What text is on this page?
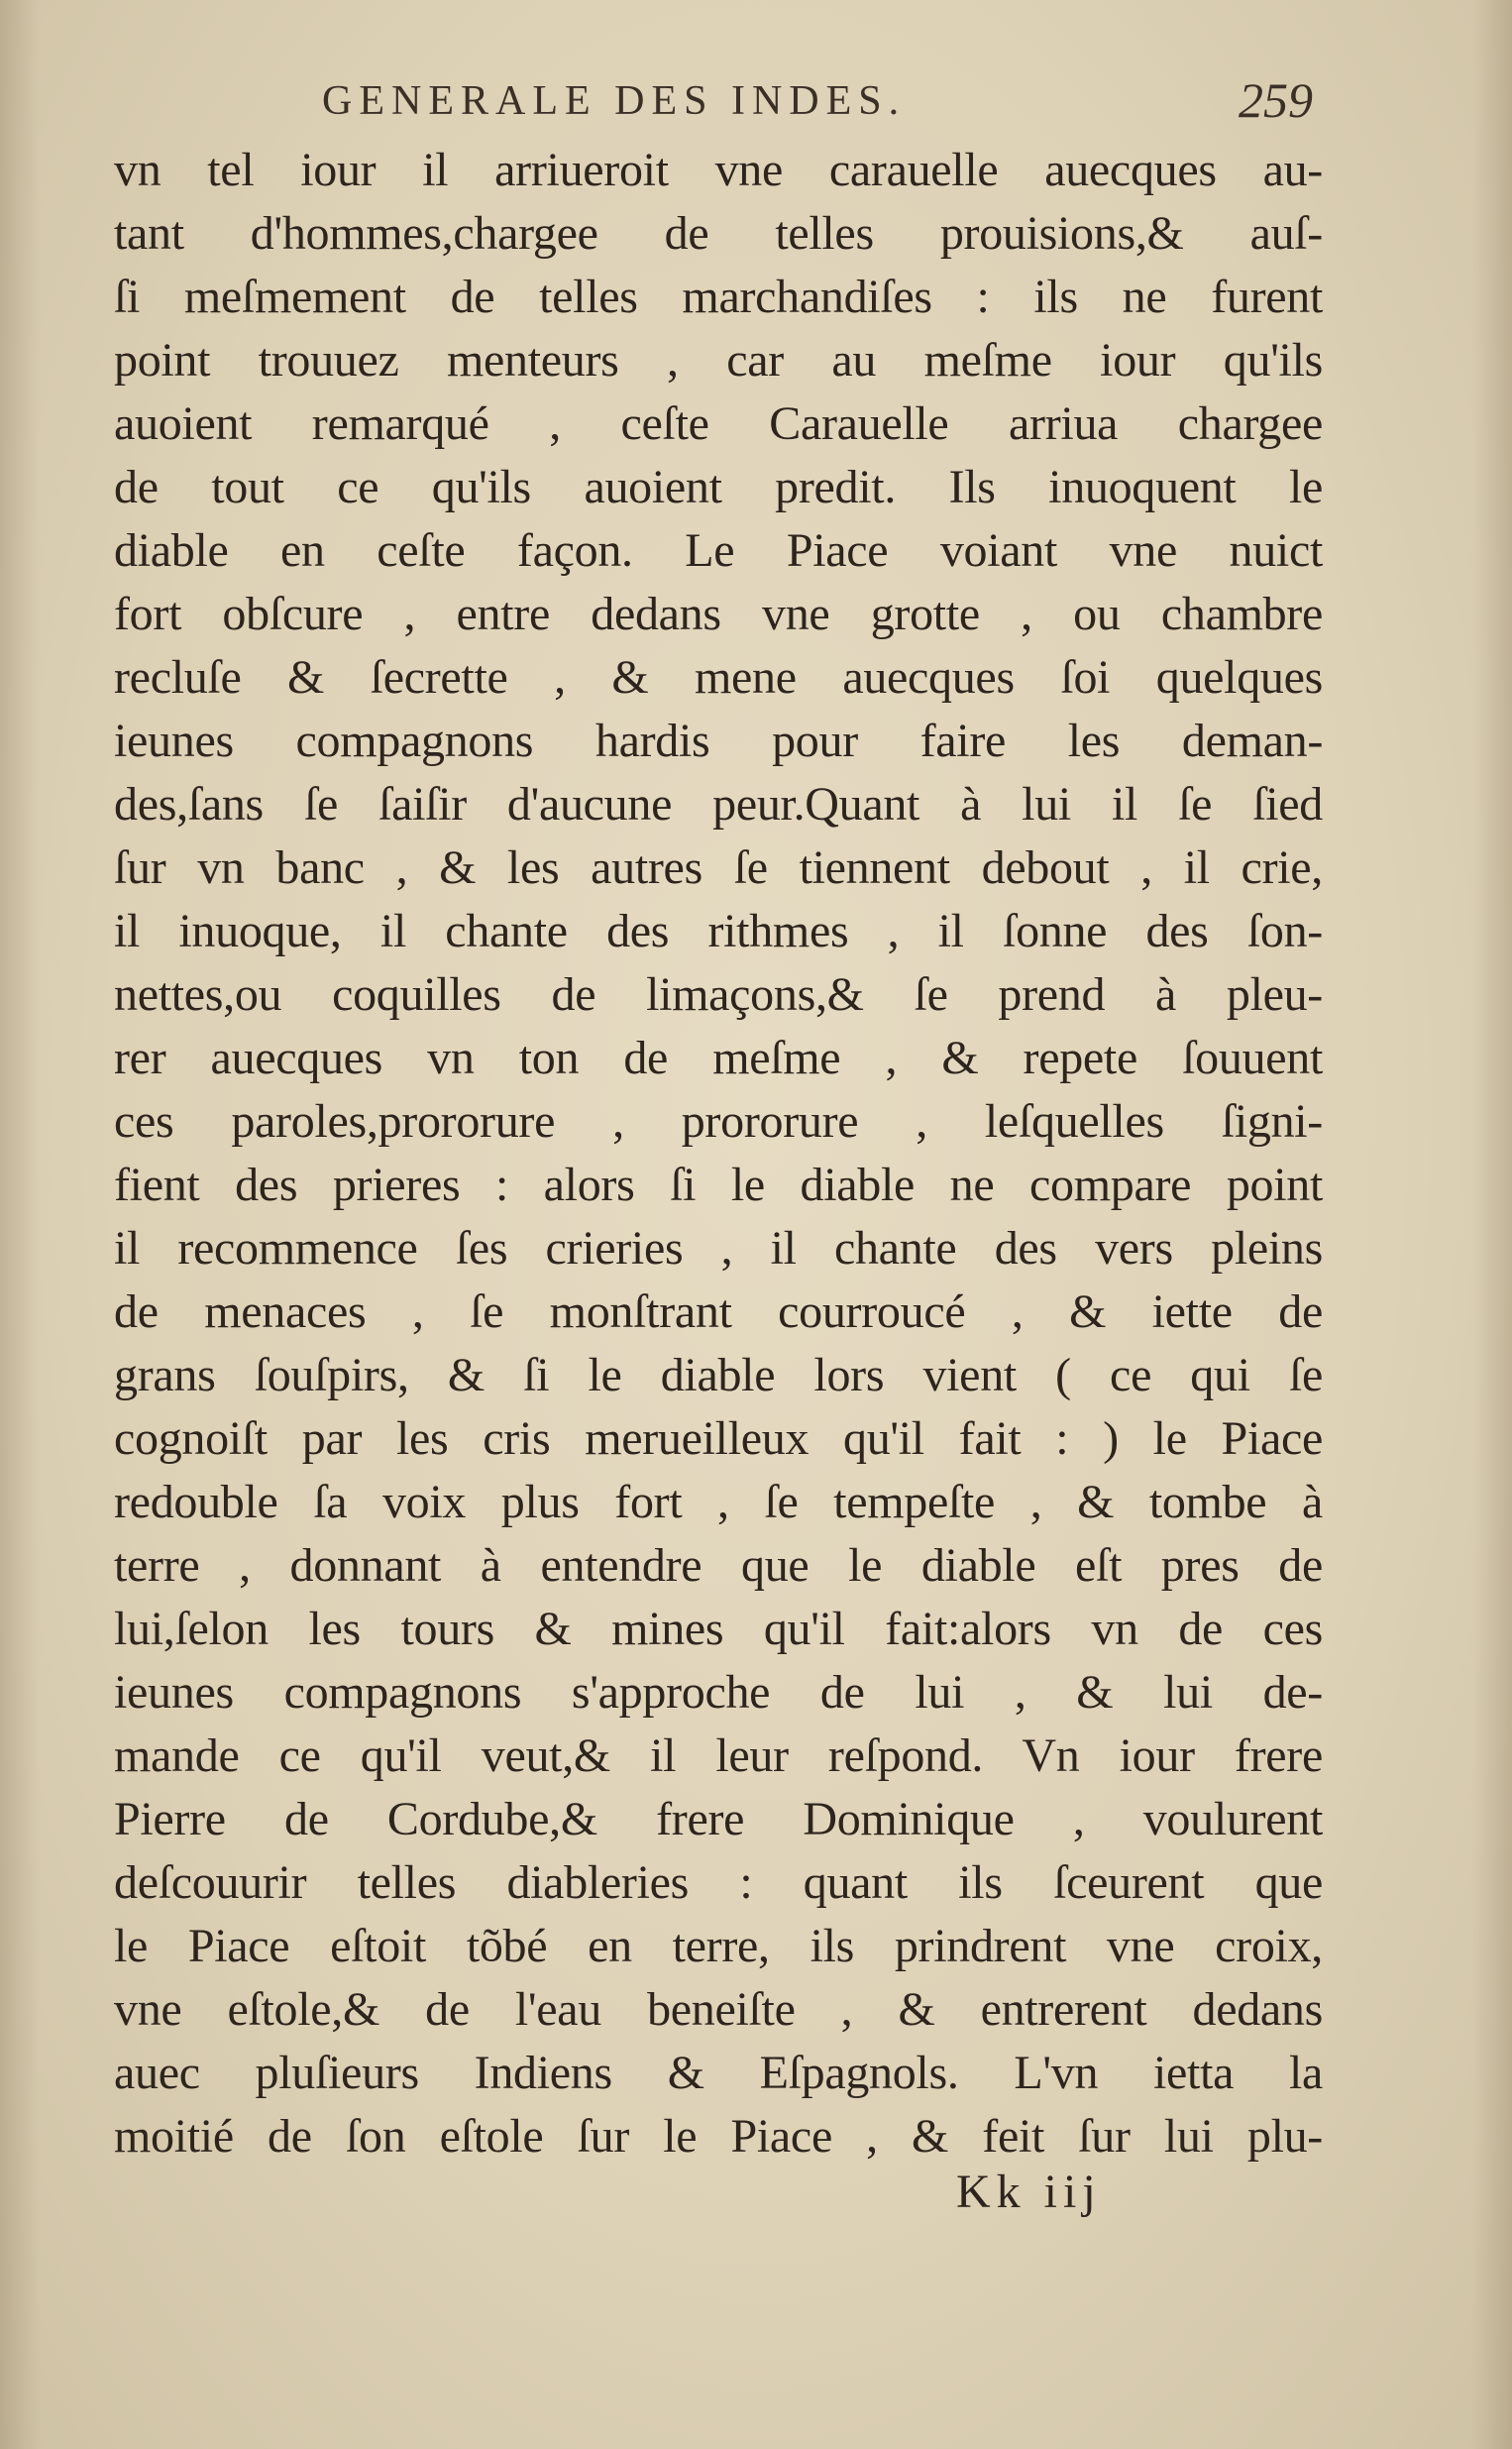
GENERALE DES INDES.	259
vn tel iour il arriueroit vne carauelle auecques au-
tant d'hommes,chargee de telles prouisions,& auſ-
ſi meſmement de telles marchandiſes : ils ne furent
point trouuez menteurs , car au meſme iour qu'ils
auoient remarqué , ceſte Carauelle arriua chargee
de tout ce qu'ils auoient predit. Ils inuoquent le
diable en ceſte façon. Le Piace voiant vne nuict
fort obſcure , entre dedans vne grotte , ou chambre
recluſe & ſecrette , & mene auecques ſoi quelques
ieunes compagnons hardis pour faire les deman-
des,ſans ſe ſaiſir d'aucune peur.Quant à lui il ſe ſied
ſur vn banc , & les autres ſe tiennent debout , il crie,
il inuoque, il chante des rithmes , il ſonne des ſon-
nettes,ou coquilles de limaçons,& ſe prend à pleu-
rer auecques vn ton de meſme , & repete ſouuent
ces paroles,prororure , prororure , leſquelles ſigni-
fient des prieres : alors ſi le diable ne compare point
il recommence ſes crieries , il chante des vers pleins
de menaces , ſe monſtrant courroucé , & iette de
grans ſouſpirs, & ſi le diable lors vient ( ce qui ſe
cognoiſt par les cris merueilleux qu'il fait : ) le Piace
redouble ſa voix plus fort , ſe tempeſte , & tombe à
terre , donnant à entendre que le diable eſt pres de
lui,ſelon les tours & mines qu'il fait:alors vn de ces
ieunes compagnons s'approche de lui , & lui de-
mande ce qu'il veut,& il leur reſpond. Vn iour frere
Pierre de Cordube,& frere Dominique , voulurent
deſcouurir telles diableries : quant ils ſceurent que
le Piace eſtoit tõbé en terre, ils prindrent vne croix,
vne eſtole,& de l'eau beneiſte , & entrerent dedans
auec pluſieurs Indiens & Eſpagnols. L'vn ietta la
moitié de ſon eſtole ſur le Piace , & feit ſur lui plu-
Kk iij
